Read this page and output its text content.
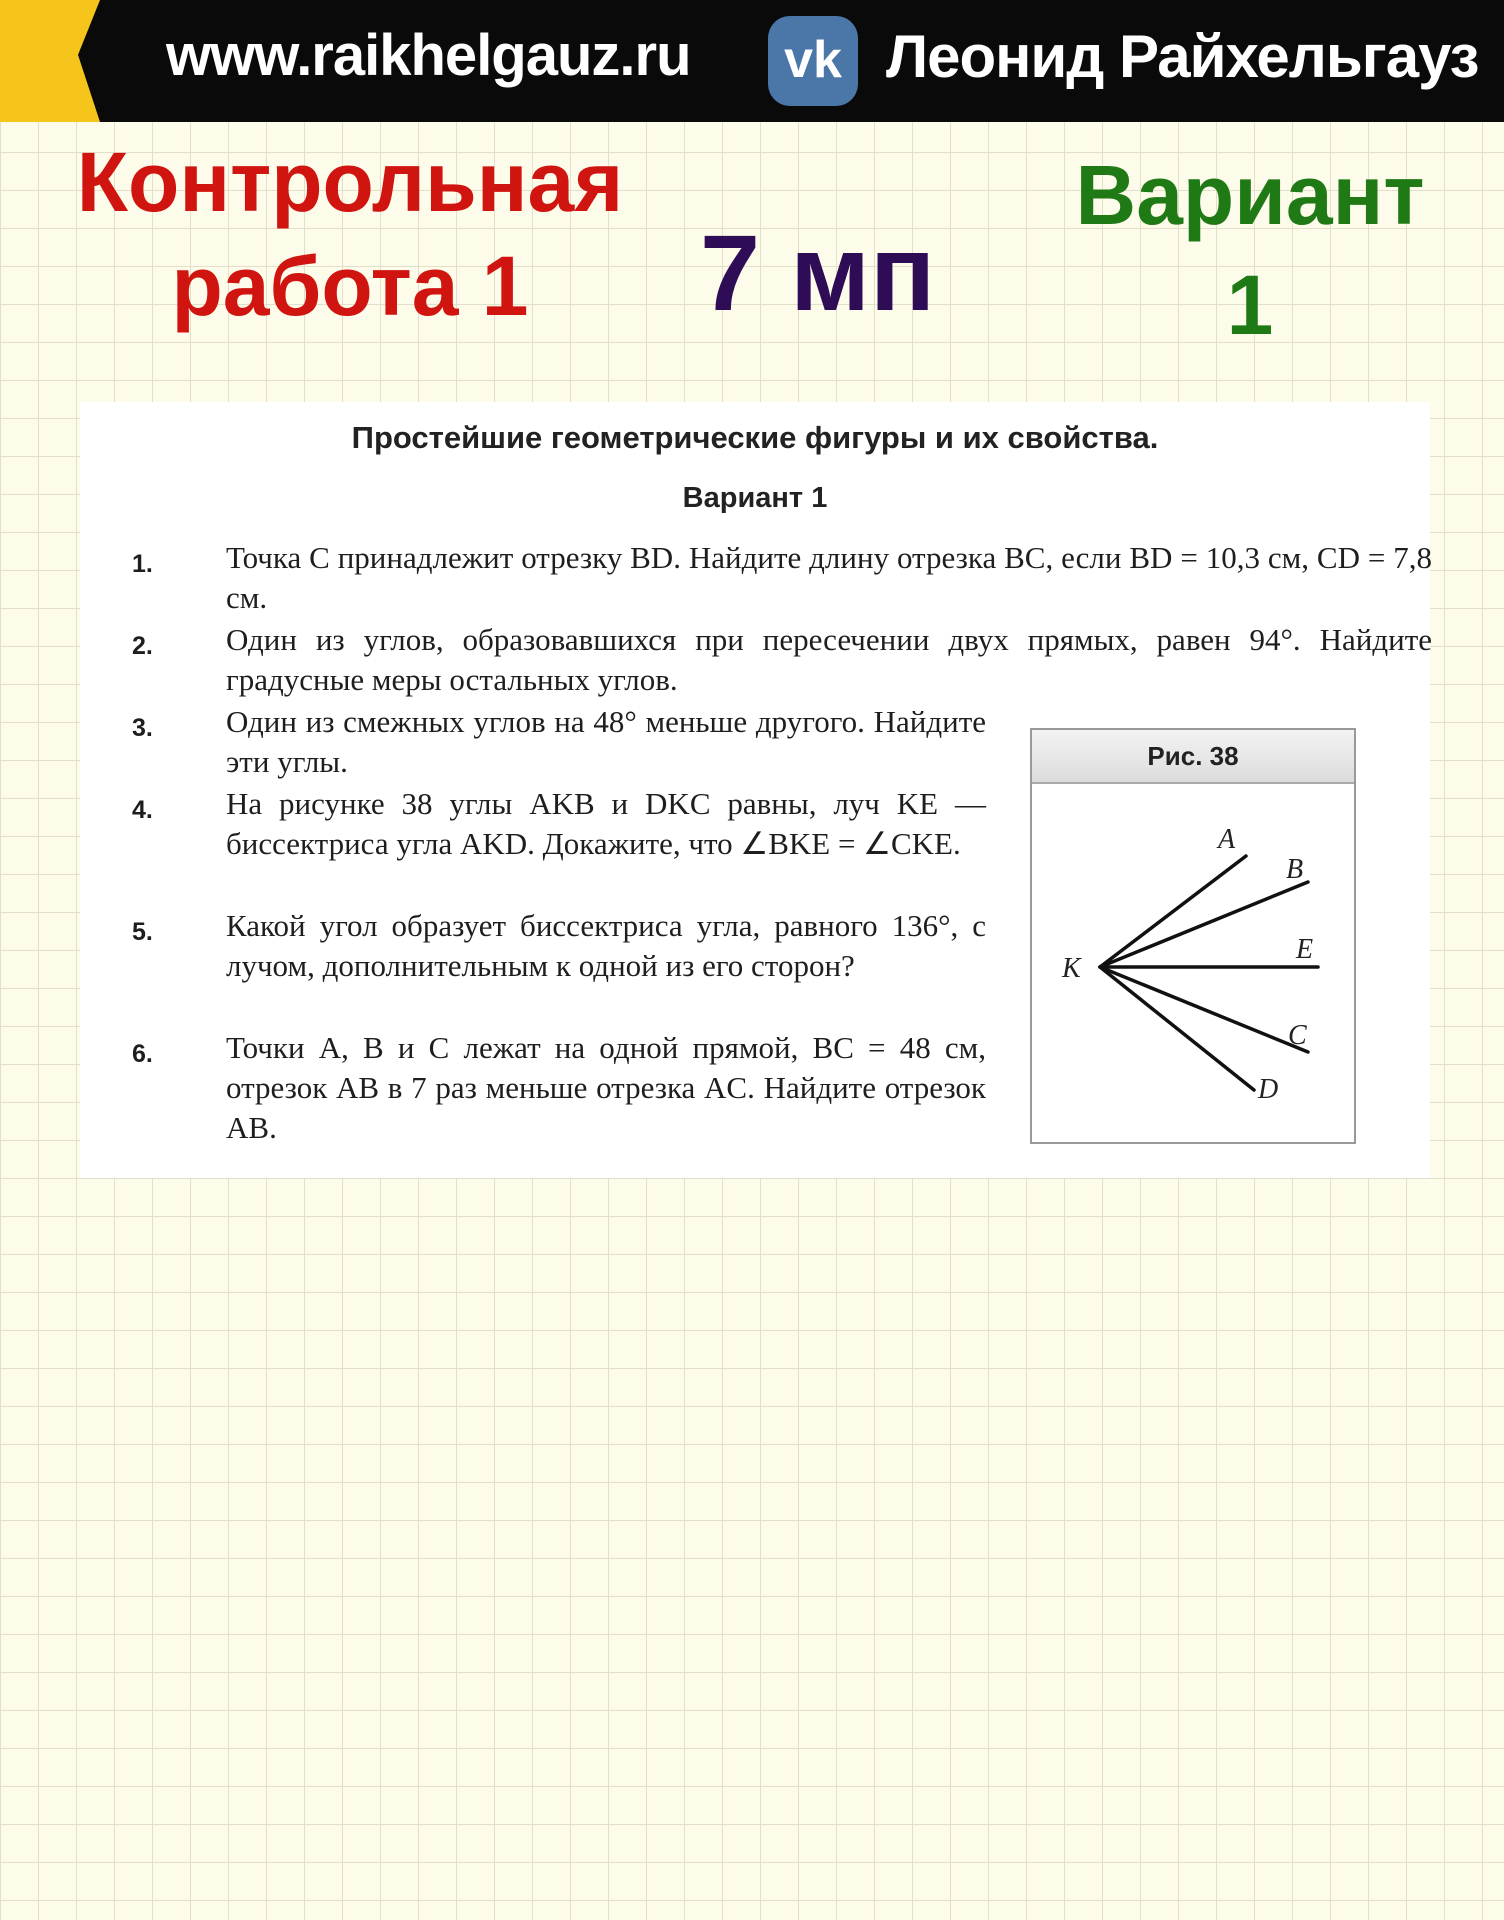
www.raikhelgauz.ru	vk Леонид Райхельгауз
Контрольная
работа 1	7 мп
Вариант
1
Простейшие геометрические фигуры и их свойства.
Вариант 1
1. Точка C принадлежит отрезку BD. Найдите длину отрезка BC, если BD = 10,3 см, CD = 7,8 см.
2. Один из углов, образовавшихся при пересечении двух прямых, равен 94°. Найдите градусные меры остальных углов.
3. Один из смежных углов на 48° меньше другого. Найдите эти углы.
4. На рисунке 38 углы AKB и DKC равны, луч KE — биссектриса угла AKD. Докажите, что ∠BKE = ∠CKE.
5. Какой угол образует биссектриса угла, равного 136°, с лучом, дополнительным к одной из его сторон?
6. Точки A, B и C лежат на одной прямой, BC = 48 см, отрезок AB в 7 раз меньше отрезка AC. Найдите отрезок AB.
Рис. 38
K
A
B
E
C
D
